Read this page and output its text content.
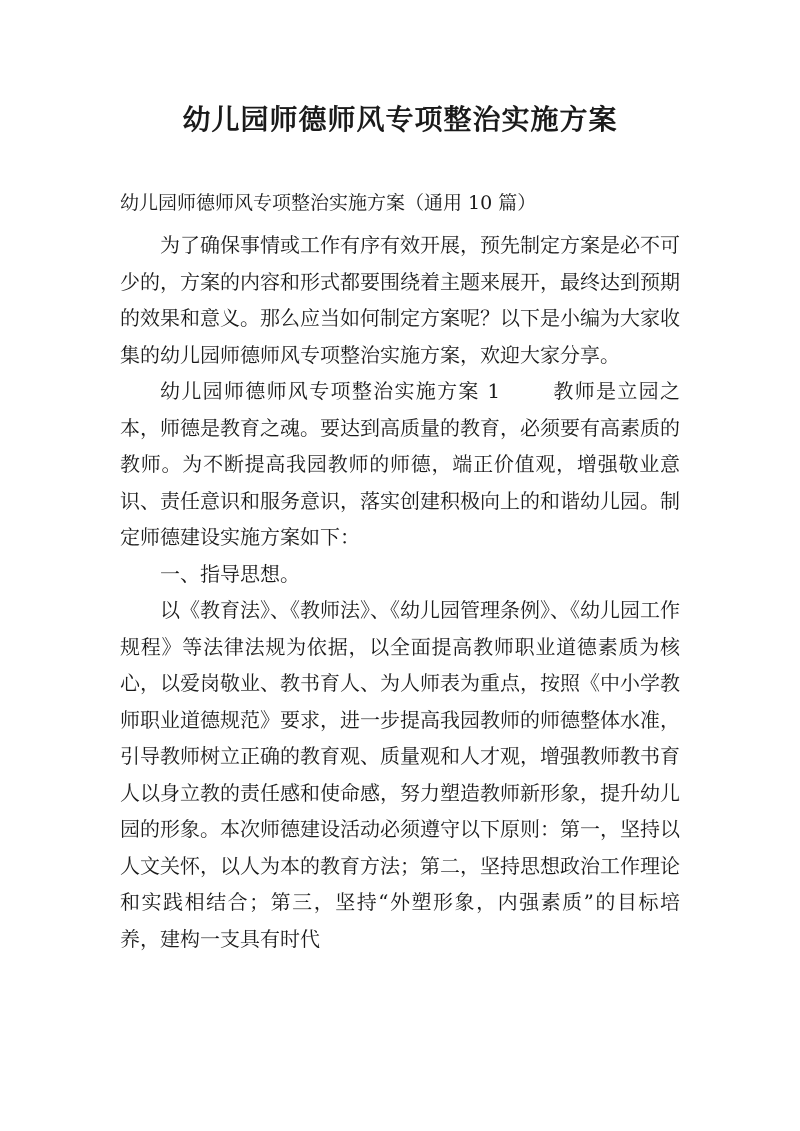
幼儿园师德师风专项整治实施方案

幼儿园师德师风专项整治实施方案（通用 10 篇）

为了确保事情或工作有序有效开展，预先制定方案是必不可少的，方案的内容和形式都要围绕着主题来展开，最终达到预期的效果和意义。那么应当如何制定方案呢？以下是小编为大家收集的幼儿园师德师风专项整治实施方案，欢迎大家分享。

幼儿园师德师风专项整治实施方案 1	教师是立园之本，师德是教育之魂。要达到高质量的教育，必须要有高素质的教师。为不断提高我园教师的师德，端正价值观，增强敬业意识、责任意识和服务意识，落实创建积极向上的和谐幼儿园。制定师德建设实施方案如下：

一、指导思想。

以《教育法》、《教师法》、《幼儿园管理条例》、《幼儿园工作规程》等法律法规为依据，以全面提高教师职业道德素质为核心，以爱岗敬业、教书育人、为人师表为重点，按照《中小学教师职业道德规范》要求，进一步提高我园教师的师德整体水准，引导教师树立正确的教育观、质量观和人才观，增强教师教书育人以身立教的责任感和使命感，努力塑造教师新形象，提升幼儿园的形象。本次师德建设活动必须遵守以下原则：第一，坚持以人文关怀，以人为本的教育方法；第二，坚持思想政治工作理论和实践相结合；第三，坚持“外塑形象，内强素质”的目标培养，建构一支具有时代
